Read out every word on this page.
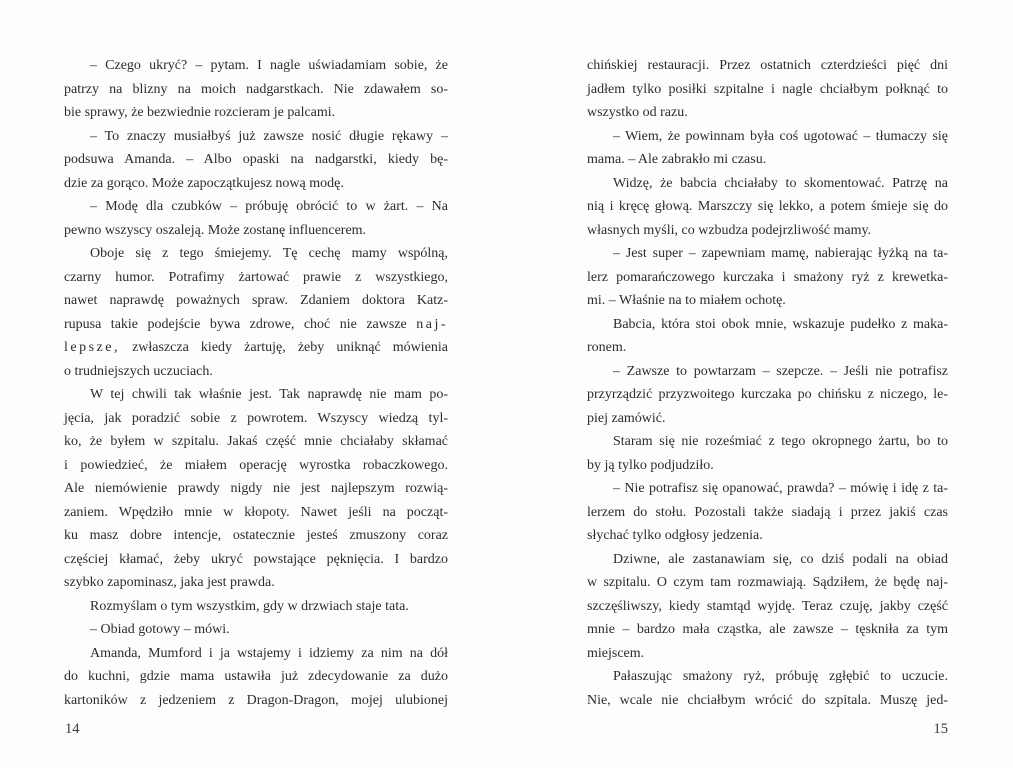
– Czego ukryć? – pytam. I nagle uświadamiam sobie, że
patrzy na blizny na moich nadgarstkach. Nie zdawałem so-
bie sprawy, że bezwiednie rozcieram je palcami.
– To znaczy musiałbyś już zawsze nosić długie rękawy –
podsuwa Amanda. – Albo opaski na nadgarstki, kiedy bę-
dzie za gorąco. Może zapoczątkujesz nową modę.
– Modę dla czubków – próbuję obrócić to w żart. – Na
pewno wszyscy oszaleją. Może zostanę influencerem.
Oboje się z tego śmiejemy. Tę cechę mamy wspólną,
czarny humor. Potrafimy żartować prawie z wszystkiego,
nawet naprawdę poważnych spraw. Zdaniem doktora Katz-
rupusa takie podejście bywa zdrowe, choć nie zawsze naj-
lepsze, zwłaszcza kiedy żartuję, żeby uniknąć mówienia
o trudniejszych uczuciach.
W tej chwili tak właśnie jest. Tak naprawdę nie mam po-
jęcia, jak poradzić sobie z powrotem. Wszyscy wiedzą tyl-
ko, że byłem w szpitalu. Jakaś część mnie chciałaby skłamać
i powiedzieć, że miałem operację wyrostka robaczkowego.
Ale niemówienie prawdy nigdy nie jest najlepszym rozwią-
zaniem. Wpędziło mnie w kłopoty. Nawet jeśli na począt-
ku masz dobre intencje, ostatecznie jesteś zmuszony coraz
częściej kłamać, żeby ukryć powstające pęknięcia. I bardzo
szybko zapominasz, jaka jest prawda.
Rozmyślam o tym wszystkim, gdy w drzwiach staje tata.
– Obiad gotowy – mówi.
Amanda, Mumford i ja wstajemy i idziemy za nim na dół
do kuchni, gdzie mama ustawiła już zdecydowanie za dużo
kartoników z jedzeniem z Dragon-Dragon, mojej ulubionej
14
chińskiej restauracji. Przez ostatnich czterdzieści pięć dni
jadłem tylko posiłki szpitalne i nagle chciałbym połknąć to
wszystko od razu.
– Wiem, że powinnam była coś ugotować – tłumaczy się
mama. – Ale zabrakło mi czasu.
Widzę, że babcia chciałaby to skomentować. Patrzę na
nią i kręcę głową. Marszczy się lekko, a potem śmieje się do
własnych myśli, co wzbudza podejrzliwość mamy.
– Jest super – zapewniam mamę, nabierając łyżką na ta-
lerz pomarańczowego kurczaka i smażony ryż z krewetka-
mi. – Właśnie na to miałem ochotę.
Babcia, która stoi obok mnie, wskazuje pudełko z maka-
ronem.
– Zawsze to powtarzam – szepcze. – Jeśli nie potrafisz
przyrządzić przyzwoitego kurczaka po chińsku z niczego, le-
piej zamówić.
Staram się nie roześmiać z tego okropnego żartu, bo to
by ją tylko podjudziło.
– Nie potrafisz się opanować, prawda? – mówię i idę z ta-
lerzem do stołu. Pozostali także siadają i przez jakiś czas
słychać tylko odgłosy jedzenia.
Dziwne, ale zastanawiam się, co dziś podali na obiad
w szpitalu. O czym tam rozmawiają. Sądziłem, że będę naj-
szczęśliwszy, kiedy stamtąd wyjdę. Teraz czuję, jakby część
mnie – bardzo mała cząstka, ale zawsze – tęskniła za tym
miejscem.
Pałaszując smażony ryż, próbuję zgłębić to uczucie.
Nie, wcale nie chciałbym wrócić do szpitala. Muszę jed-
15
